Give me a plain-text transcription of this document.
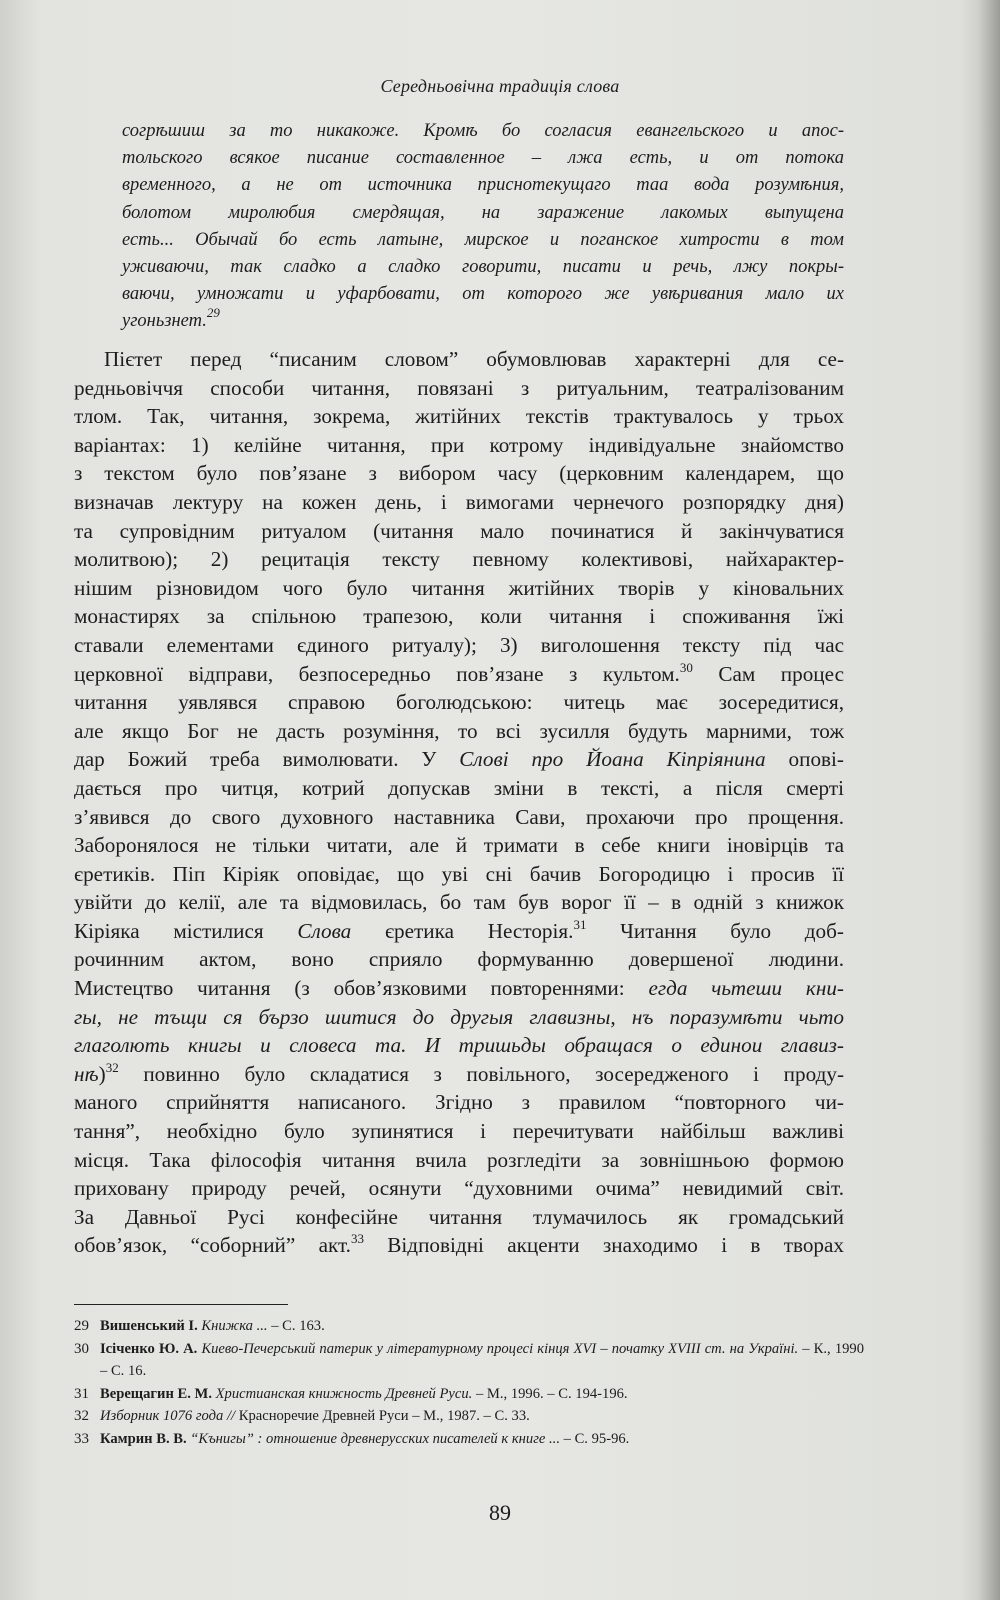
Середньовічна традиція слова
согрѣшиш за то никакоже. Кромѣ бо согласия евангельского и апос-
тольского всякое писание составленное – лжа есть, и от потока
временного, а не от источника приснотекущаго таа вода розумѣния,
болотом миролюбия смердящая, на заражение лакомых выпущена
есть... Обычай бо есть латыне, мирское и поганское хитрости в том
уживаючи, так сладко а сладко говорити, писати и речь, лжу покры-
ваючи, умножати и уфарбовати, от которого же увѣривания мало их
угоньзнет.$^{29}$
Пієтет перед “писаним словом” обумовлював характерні для се-
редньовіччя способи читання, повязані з ритуальним, театралізованим
тлом. Так, читання, зокрема, житійних текстів трактувалось у трьох
варіантах: 1) келійне читання, при котрому індивідуальне знайомство
з текстом було пов’язане з вибором часу (церковним календарем, що
визначав лектуру на кожен день, і вимогами чернечого розпорядку дня)
та супровідним ритуалом (читання мало починатися й закінчуватися
молитвою); 2) рецитація тексту певному колективові, найхарактер-
нішим різновидом чого було читання житійних творів у кіновальних
монастирях за спільною трапезою, коли читання і споживання їжі
ставали елементами єдиного ритуалу); 3) виголошення тексту під час
церковної відправи, безпосередньо пов’язане з культом.$^{30}$ Сам процес
читання уявлявся справою боголюдською: читець має зосередитися,
але якщо Бог не дасть розуміння, то всі зусилля будуть марними, тож
дар Божий треба вимолювати. У Слові про Йоана Кіпріянина опові-
дається про читця, котрий допускав зміни в тексті, а після смерті
з’явився до свого духовного наставника Сави, прохаючи про прощення.
Заборонялося не тільки читати, але й тримати в себе книги іновірців та
єретиків. Піп Кіріяк оповідає, що уві сні бачив Богородицю і просив її
увійти до келії, але та відмовилась, бо там був ворог її – в одній з книжок
Кіріяка містилися Слова єретика Несторія.$^{31}$ Читання було доб-
рочинним актом, воно сприяло формуванню довершеної людини.
Мистецтво читання (з обов’язковими повтореннями: егда чьтеши кни-
гы, не тъщи ся бързо шитися до другыя главизны, нъ поразумѣти чьто
глаголють книгы и словеса та. И тришьды обращася о единои главиз-
нѣ)$^{32}$ повинно було складатися з повільного, зосередженого і проду-
маного сприйняття написаного. Згідно з правилом “повторного чи-
тання”, необхідно було зупинятися і перечитувати найбільш важливі
місця. Така філософія читання вчила розгледіти за зовнішньою формою
приховану природу речей, осянути “духовними очима” невидимий світ.
За Давньої Русі конфесійне читання тлумачилось як громадський
обов’язок, “соборний” акт.$^{33}$ Відповідні акценти знаходимо і в творах
29 Вишенський І. Книжка ... – С. 163.
30 Ісіченко Ю. А. Киево-Печерський патерик у літературному процесі кінця XVI – початку XVIII ст. на Україні. – К., 1990 – С. 16.
31 Верещагин Е. М. Христианская книжность Древней Руси. – М., 1996. – С. 194-196.
32 Изборник 1076 года // Красноречие Древней Руси – М., 1987. – С. 33.
33 Камрин В. В. “Кънигы” : отношение древнерусских писателей к книге ... – С. 95-96.
89
